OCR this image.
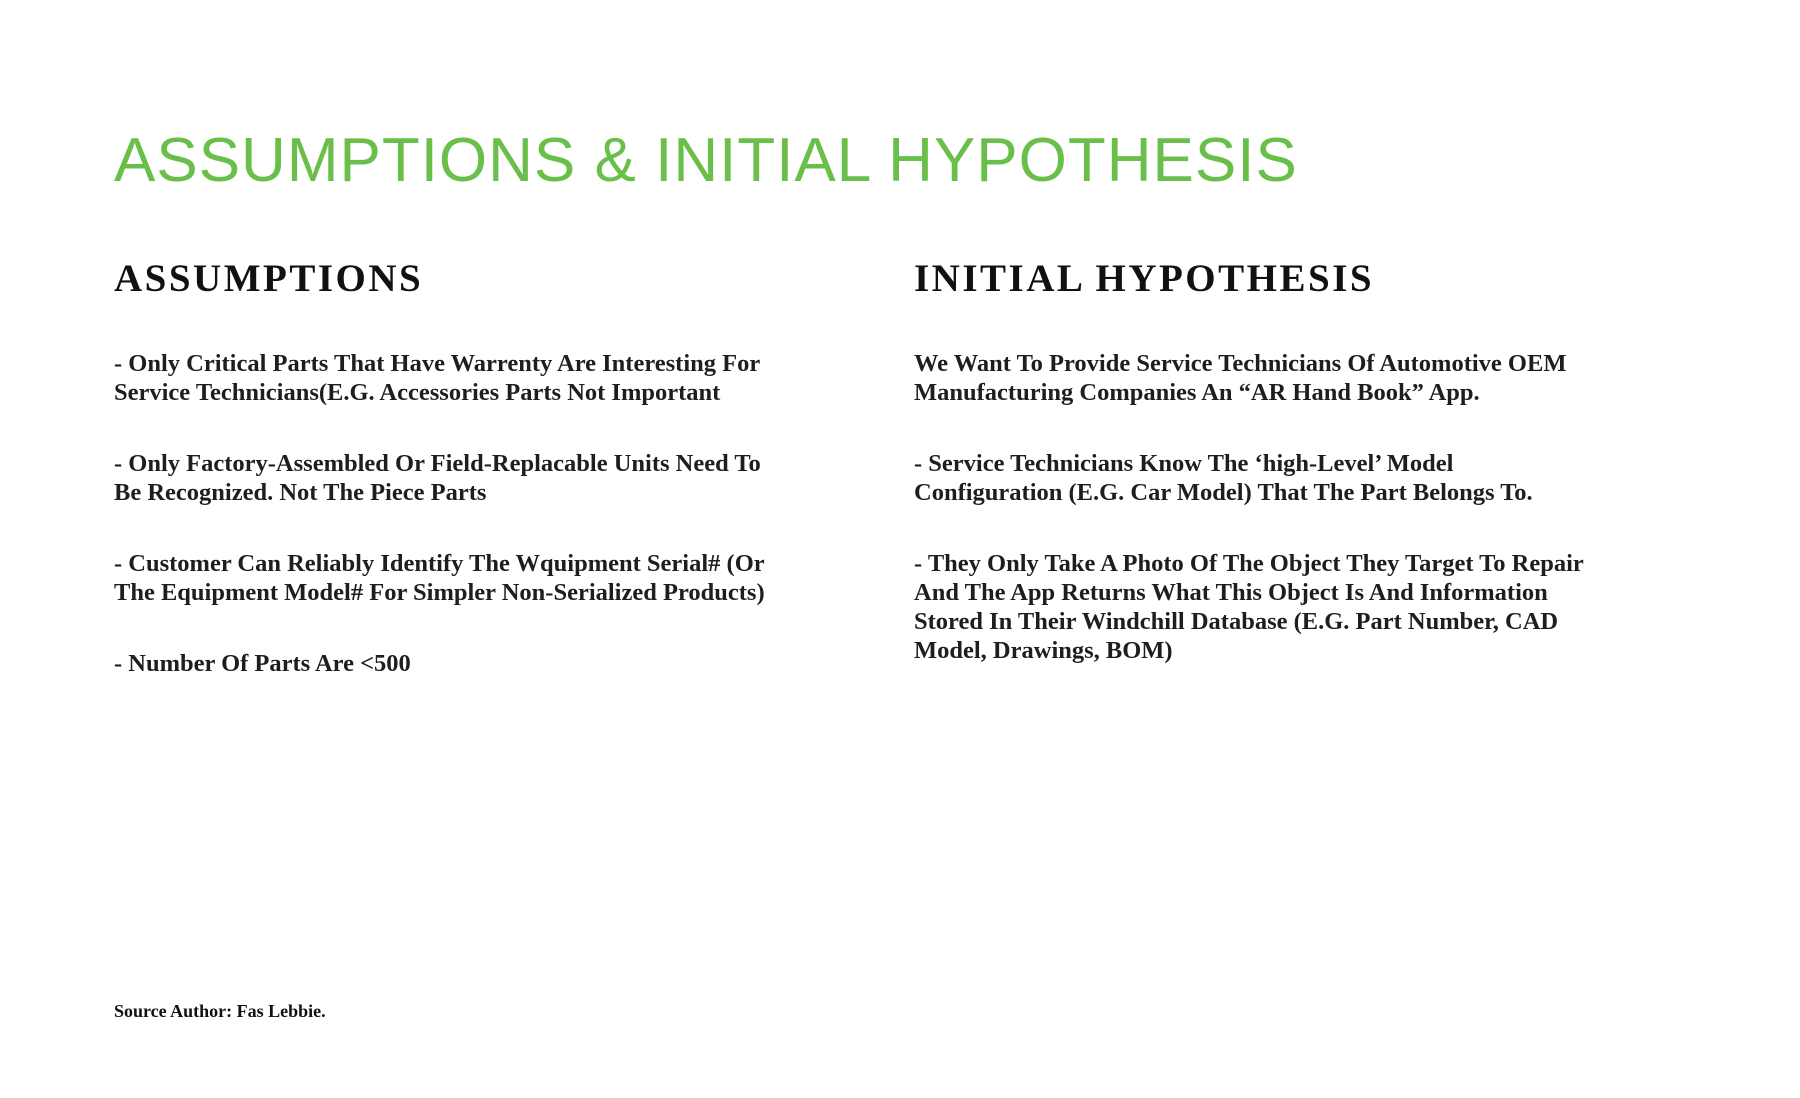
ASSUMPTIONS & INITIAL HYPOTHESIS
ASSUMPTIONS
- Only Critical Parts That Have Warrenty Are Interesting For Service Technicians(E.G. Accessories Parts Not Important
- Only Factory-Assembled Or Field-Replacable Units Need To Be Recognized. Not The Piece Parts
- Customer Can Reliably Identify The Wquipment Serial# (Or The Equipment Model# For Simpler Non-Serialized Products)
- Number Of Parts Are <500
INITIAL HYPOTHESIS
We Want To Provide Service Technicians Of Automotive OEM Manufacturing Companies An “AR Hand Book” App.
- Service Technicians Know The ‘high-Level’ Model Configuration (E.G. Car Model) That The Part Belongs To.
- They Only Take A Photo Of The Object They Target To Repair And The App Returns What This Object Is And Information Stored In Their Windchill Database (E.G. Part Number, CAD Model, Drawings, BOM)
Source Author: Fas Lebbie.
